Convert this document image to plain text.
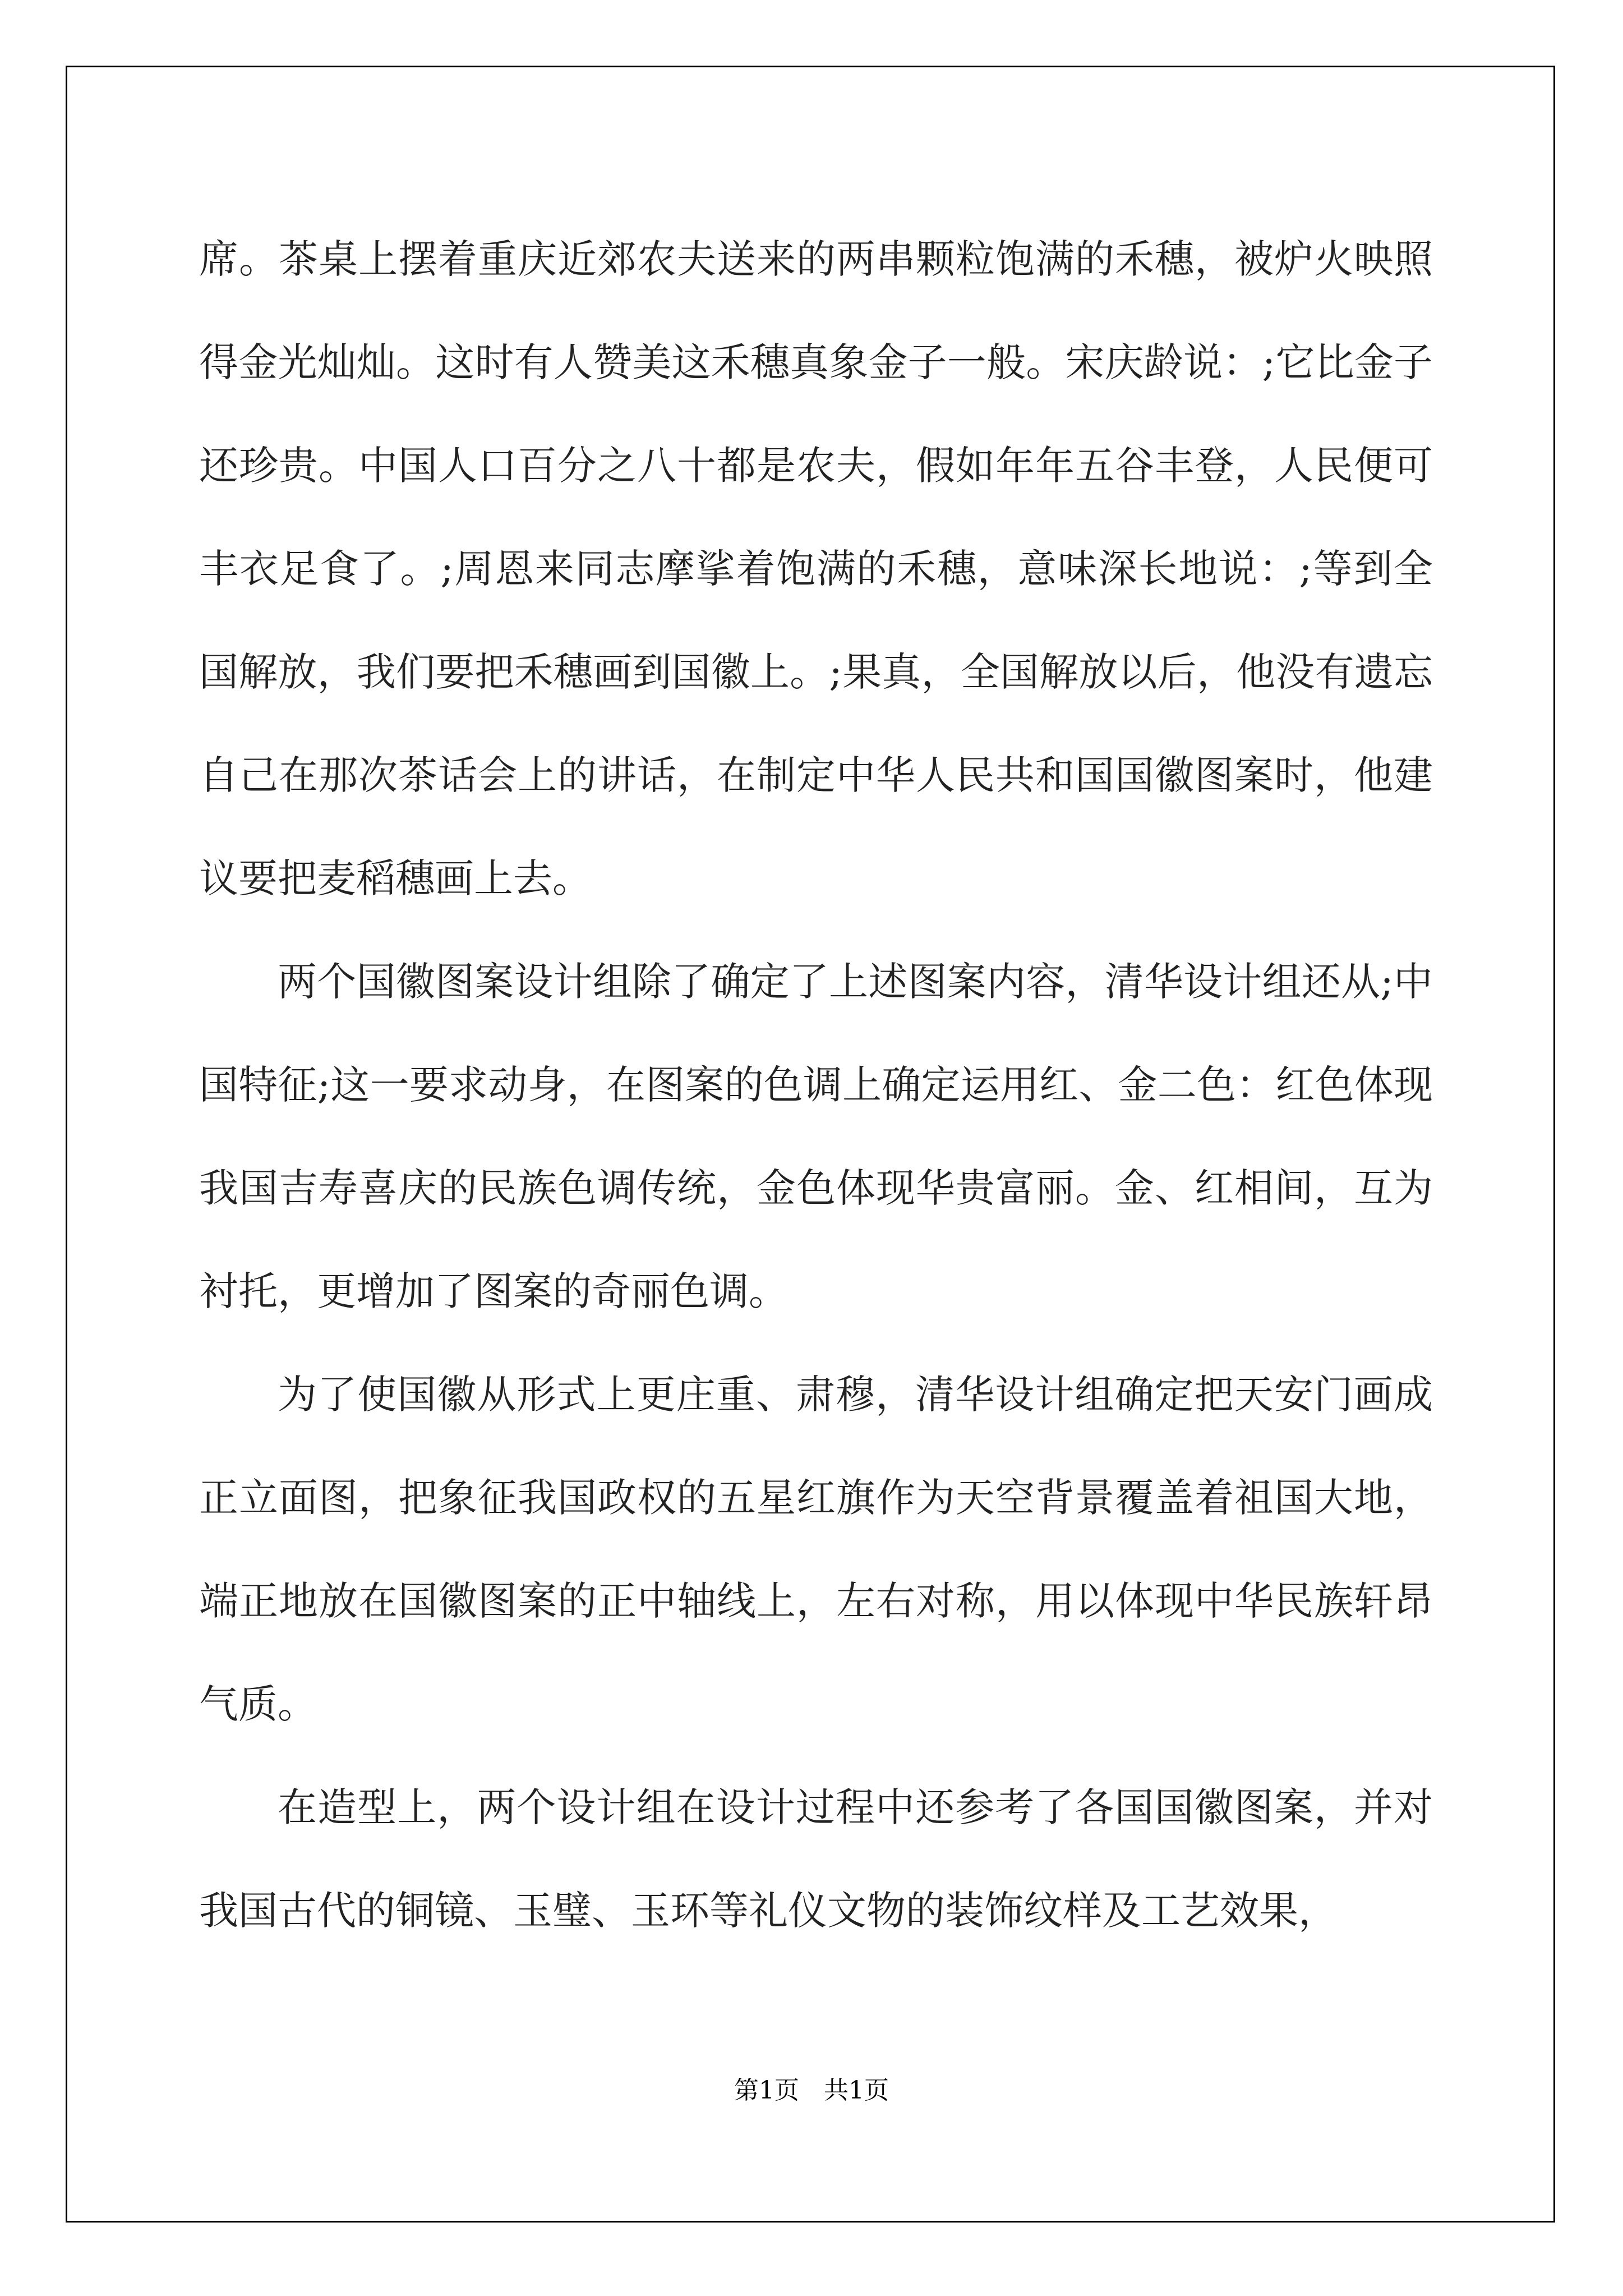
席。茶桌上摆着重庆近郊农夫送来的两串颗粒饱满的禾穗，被炉火映照得金光灿灿。这时有人赞美这禾穗真象金子一般。宋庆龄说：;它比金子还珍贵。中国人口百分之八十都是农夫，假如年年五谷丰登，人民便可丰衣足食了。;周恩来同志摩挲着饱满的禾穗，意味深长地说：;等到全国解放，我们要把禾穗画到国徽上。;果真，全国解放以后，他没有遗忘自己在那次茶话会上的讲话，在制定中华人民共和国国徽图案时，他建议要把麦稻穗画上去。

两个国徽图案设计组除了确定了上述图案内容，清华设计组还从;中国特征;这一要求动身，在图案的色调上确定运用红、金二色：红色体现我国吉寿喜庆的民族色调传统，金色体现华贵富丽。金、红相间，互为衬托，更增加了图案的奇丽色调。

为了使国徽从形式上更庄重、肃穆，清华设计组确定把天安门画成正立面图，把象征我国政权的五星红旗作为天空背景覆盖着祖国大地，端正地放在国徽图案的正中轴线上，左右对称，用以体现中华民族轩昂气质。

在造型上，两个设计组在设计过程中还参考了各国国徽图案，并对我国古代的铜镜、玉璧、玉环等礼仪文物的装饰纹样及工艺效果，

第1页 共1页
